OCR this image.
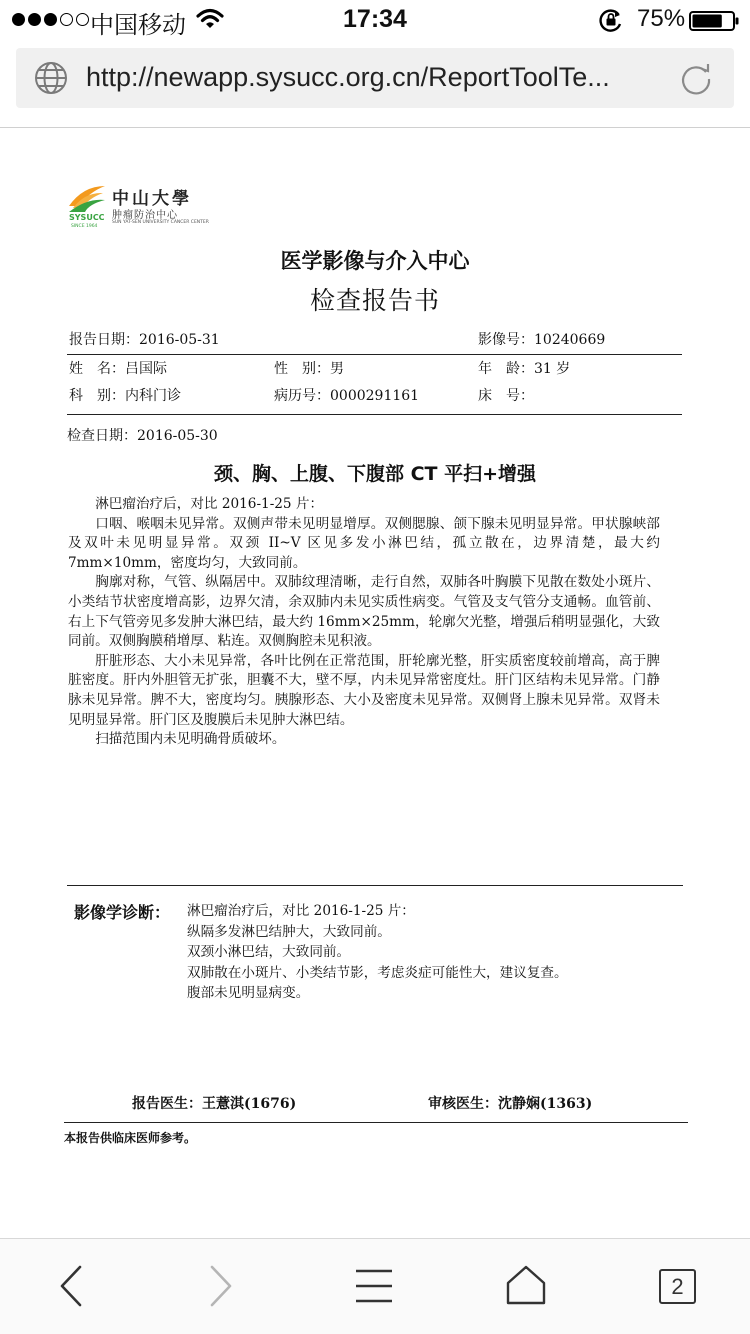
中国移动	17:34	75%
http://newapp.sysucc.org.cn/ReportToolTe...
中山大學
肿瘤防治中心
SUN YAT-SEN UNIVERSITY CANCER CENTER
SYSUCC
SINCE 1964
医学影像与介入中心
检查报告书
报告日期：2016-05-31	影像号：10240669
姓　名：吕国际	性　别：男	年　龄：31 岁
科　别：内科门诊	病历号：0000291161	床　号：
检查日期：2016-05-30
颈、胸、上腹、下腹部 CT 平扫+增强

淋巴瘤治疗后，对比 2016-1-25 片：

口咽、喉咽未见异常。双侧声带未见明显增厚。双侧腮腺、颌下腺未见明显异常。甲状腺峡部及双叶未见明显异常。双颈 II~V 区见多发小淋巴结，孤立散在，边界清楚，最大约 7mm×10mm，密度均匀，大致同前。

胸廓对称，气管、纵隔居中。双肺纹理清晰，走行自然，双肺各叶胸膜下见散在数处小斑片、小类结节状密度增高影，边界欠清，余双肺内未见实质性病变。气管及支气管分支通畅。血管前、右上下气管旁见多发肿大淋巴结，最大约 16mm×25mm，轮廓欠光整，增强后稍明显强化，大致同前。双侧胸膜稍增厚、粘连。双侧胸腔未见积液。

肝脏形态、大小未见异常，各叶比例在正常范围，肝轮廓光整，肝实质密度较前增高，高于脾脏密度。肝内外胆管无扩张，胆囊不大，壁不厚，内未见异常密度灶。肝门区结构未见异常。门静脉未见异常。脾不大，密度均匀。胰腺形态、大小及密度未见异常。双侧肾上腺未见异常。双肾未见明显异常。肝门区及腹膜后未见肿大淋巴结。

扫描范围内未见明确骨质破坏。

影像学诊断： 淋巴瘤治疗后，对比 2016-1-25 片：
纵隔多发淋巴结肿大，大致同前。
双颈小淋巴结，大致同前。
双肺散在小斑片、小类结节影，考虑炎症可能性大，建议复查。
腹部未见明显病变。
报告医生：王薏淇(1676)	审核医生：沈静娴(1363)
本报告供临床医师参考。
2
